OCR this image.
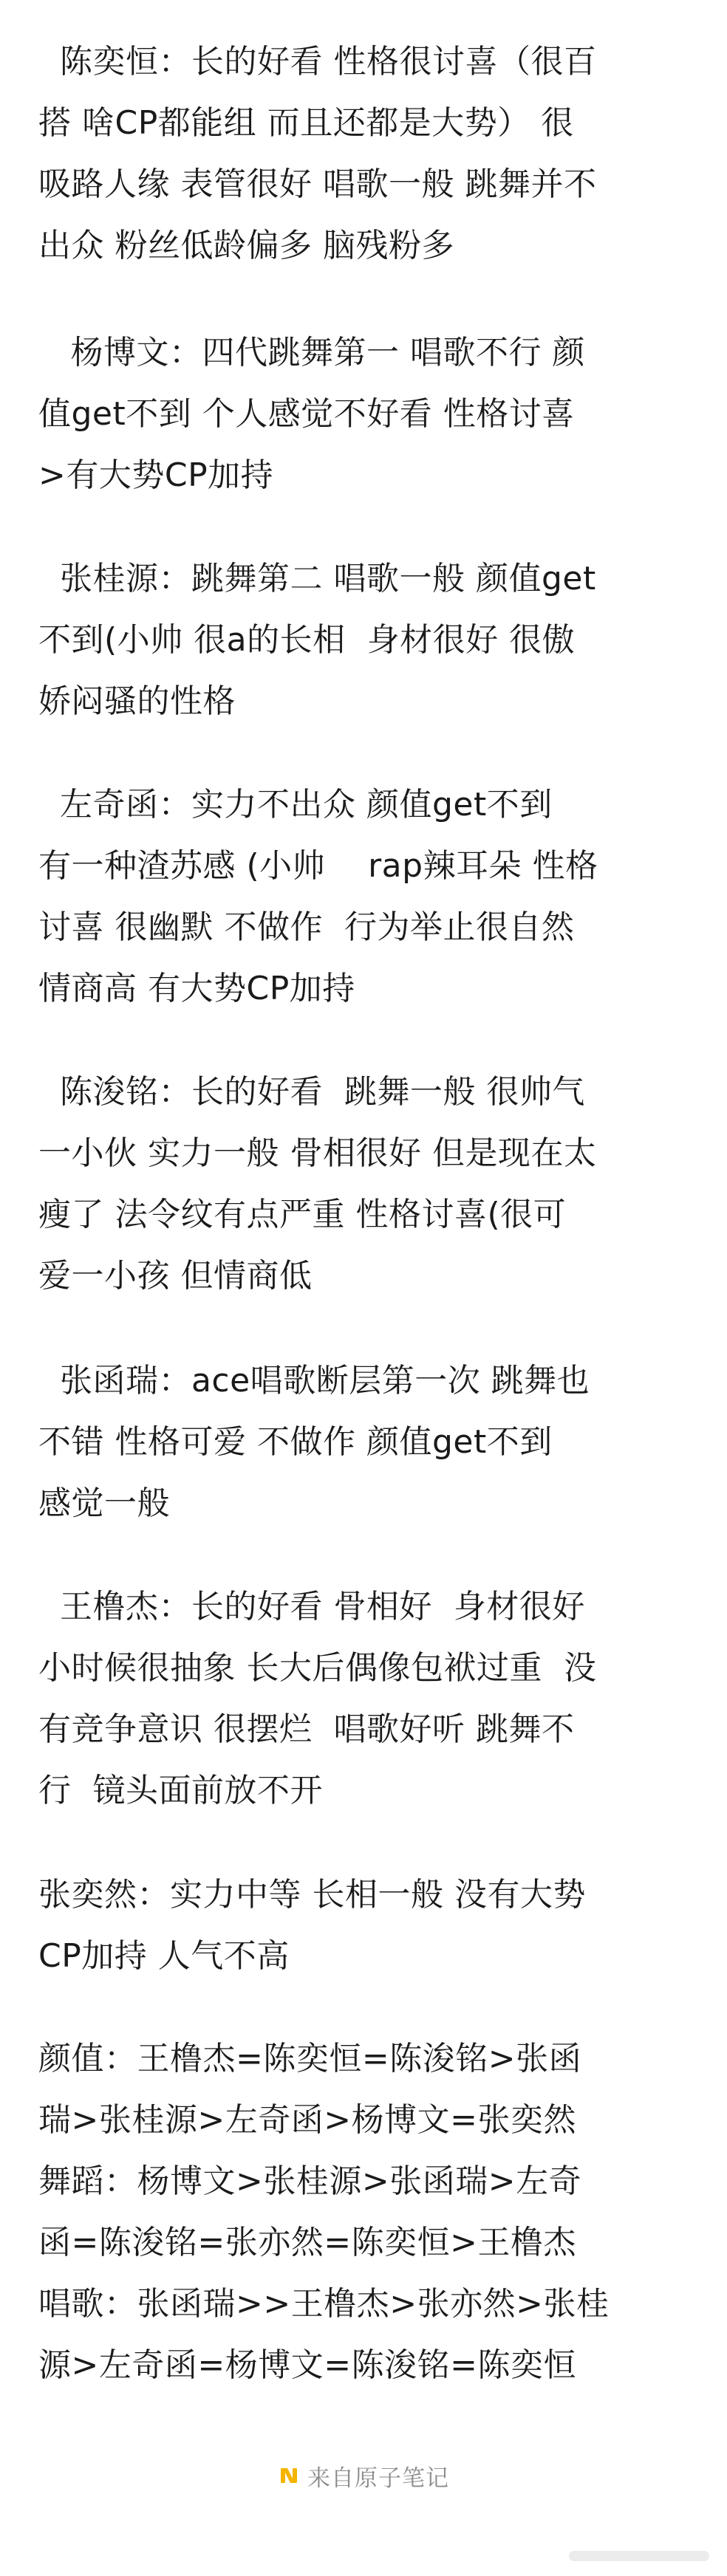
陈奕恒：长的好看 性格很讨喜（很百
搭 啥CP都能组 而且还都是大势） 很
吸路人缘 表管很好 唱歌一般 跳舞并不
出众 粉丝低龄偏多 脑残粉多
杨博文：四代跳舞第一 唱歌不行 颜
值get不到 个人感觉不好看 性格讨喜
>有大势CP加持
张桂源：跳舞第二 唱歌一般 颜值get
不到(小帅 很a的长相  身材很好 很傲
娇闷骚的性格
左奇函：实力不出众 颜值get不到
有一种渣苏感 (小帅    rap辣耳朵 性格
讨喜 很幽默 不做作  行为举止很自然
情商高 有大势CP加持
陈浚铭：长的好看  跳舞一般 很帅气
一小伙 实力一般 骨相很好 但是现在太
瘦了 法令纹有点严重 性格讨喜(很可
爱一小孩 但情商低
张函瑞：ace唱歌断层第一次 跳舞也
不错 性格可爱 不做作 颜值get不到
感觉一般
王橹杰：长的好看 骨相好  身材很好
小时候很抽象 长大后偶像包袱过重  没
有竞争意识 很摆烂  唱歌好听 跳舞不
行  镜头面前放不开
张奕然：实力中等 长相一般 没有大势
CP加持 人气不高
颜值：王橹杰=陈奕恒=陈浚铭>张函
瑞>张桂源>左奇函>杨博文=张奕然
舞蹈：杨博文>张桂源>张函瑞>左奇
函=陈浚铭=张亦然=陈奕恒>王橹杰
唱歌：张函瑞>>王橹杰>张亦然>张桂
源>左奇函=杨博文=陈浚铭=陈奕恒
来自原子笔记
